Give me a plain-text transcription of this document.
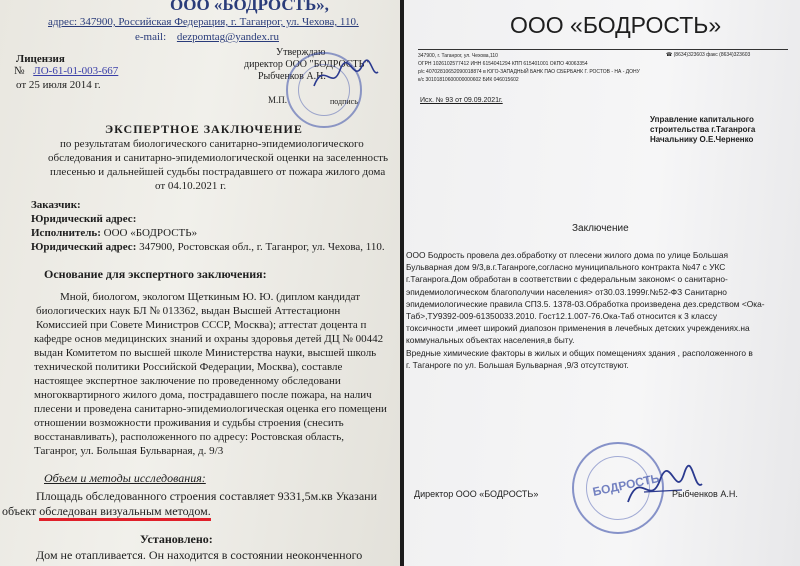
ООО «БОДРОСТЬ»,
адрес: 347900, Российская Федерация, г. Таганрог, ул. Чехова, 110.
e-mail: dezpomtag@yandex.ru
Лицензия
№ ЛО-61-01-003-667
от 25 июля 2014 г.
Утверждаю
директор ООО "БОДРОСТЬ"
Рыбченков А.Н.
М.П.	подпись
ЭКСПЕРТНОЕ ЗАКЛЮЧЕНИЕ
по результатам биологического санитарно-эпидемиологического
обследования и санитарно-эпидемиологической оценки на заселенность
плесенью и дальнейшей судьбы пострадавшего от пожара жилого дома
от 04.10.2021 г.
Заказчик:
Юридический адрес:
Исполнитель: ООО «БОДРОСТЬ»
Юридический адрес: 347900, Ростовская обл., г. Таганрог, ул. Чехова, 110.
Основание для экспертного заключения:
Мной, биологом, экологом Щеткиным Ю. Ю. (диплом кандидат
биологических наук БЛ № 013362, выдан Высшей Аттестационн
Комиссией при Совете Министров СССР, Москва); аттестат доцента п
кафедре основ медицинских знаний и охраны здоровья детей ДЦ № 00442
выдан Комитетом по высшей школе Министерства науки, высшей школь
технической политики Российской Федерации, Москва), составле
настоящее экспертное заключение по проведенному обследовани
многоквартирного жилого дома, пострадавшего после пожара, на налич
плесени и проведена санитарно-эпидемиологическая оценка его помещени
отношении возможности проживания и судьбы строения (снесить
восстанавливать), расположенного по адресу: Ростовская область,
Таганрог, ул. Большая Бульварная, д. 9/3
Объем и методы исследования:
Площадь обследованного строения составляет 9331,5м.кв Указани
объект обследован визуальным методом.
Установлено:
Дом не отапливается. Он находится в состоянии неоконченного
ООО «БОДРОСТЬ»
347900, г. Таганрог, ул. Чехова,110
ОГРН 1026102577412 ИНН 6154041294 КПП 615401001 ОКПО 40063354
р/с 40702810652090018874 в ЮГО-ЗАПАДНЫЙ БАНК ПАО СБЕРБАНК Г. РОСТОВ - НА - ДОНУ
к/с 30101810600000000602 БИК 046015602
☎ (8634)323603 факс (8634)323603
Исх. № 93 от 09.09.2021г.
Управление капитального
строительства г.Таганрога
Начальнику О.Е.Черненко
Заключение
ООО Бодрость провела дез.обработку от плесени жилого дома по улице Большая
Бульварная дом 9/3,в.г.Таганроге,согласно муниципального контракта №47 с УКС
г.Таганрога.Дом обработан в соответствии с федеральным законом< о санитарно-
эпидемиологическом благополучии населения> от30.03.1999г.№52-ФЗ Санитарно
эпидемиологические правила СП3.5. 1378-03.Обработка произведена дез.средством <Ока-
Таб>,ТУ9392-009-61350033.2010. Гост12.1.007-76.Ока-Таб относится к 3 классу
токсичности ,имеет широкий диапозон применения в лечебных детских учреждениях.на
коммунальных объектах населения,в быту.
Вредные химические факторы в жилых и общих помещениях здания , расположенного в
г. Таганроге по ул. Большая Бульварная ,9/3 отсутствуют.
БОДРОСТЬ
Директор ООО «БОДРОСТЬ»	Рыбченков А.Н.
